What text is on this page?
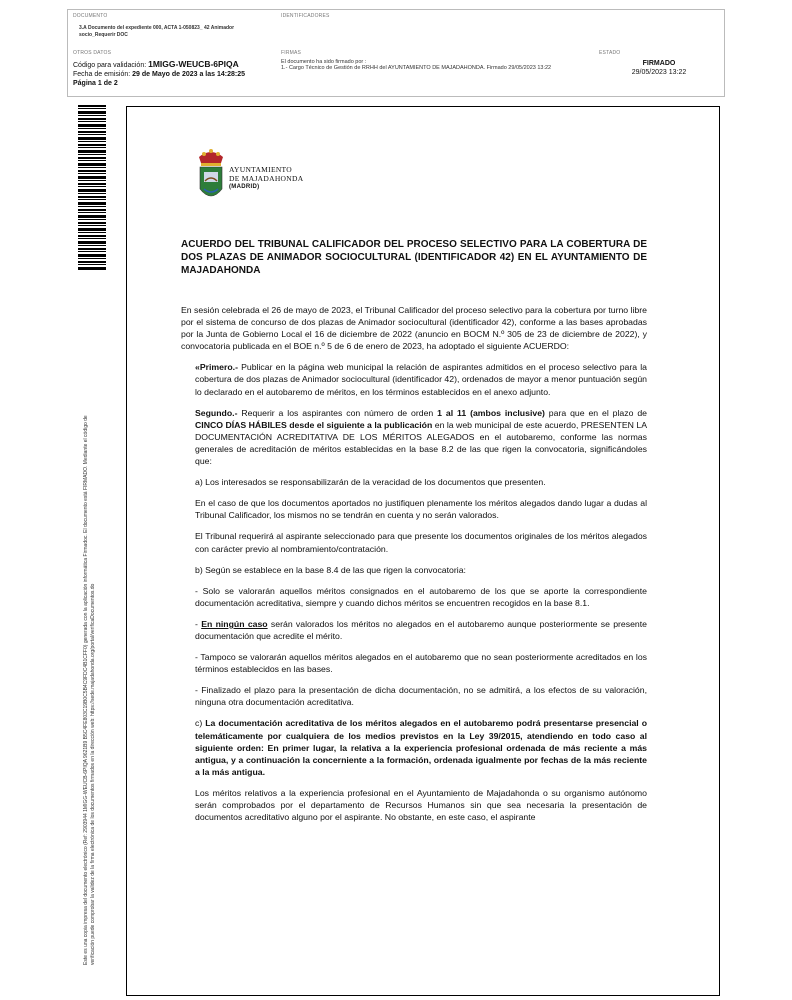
DOCUMENTO
3.A Documento del expediente 000, ACTA 1-050823_ 42 Animador socio_Requerir DOC
IDENTIFICADORES
OTROS DATOS
Código para validación: 1MIGG-WEUCB-6PIQA
Fecha de emisión: 29 de Mayo de 2023 a las 14:28:25
Página 1 de 2
FIRMAS
El documento ha sido firmado por :
1.- Cargo Técnico de Gestión de RRHH del AYUNTAMIENTO DE MAJADAHONDA. Firmado 29/05/2023 13:22
ESTADO
FIRMADO
29/05/2023 13:22
Este es una copia impresa del documento electrónico (Ref: 2903944 1MIGG-WEUCB-6PIQA 9621B9 B5C4FE803C19B0C5B4C9FDC4B1CFF0) generada con la aplicación informática Firmadoc. El documento está FIRMADO. Mediante el código de verificación puede comprobar la validez de la firma electrónica de los documentos firmados en la dirección web: https://sede.majadahonda.org/portal/verificaDocumentos.do
AYUNTAMIENTO
DE MAJADAHONDA
(MADRID)
ACUERDO DEL TRIBUNAL CALIFICADOR DEL PROCESO SELECTIVO PARA LA COBERTURA DE DOS PLAZAS DE ANIMADOR SOCIOCULTURAL (IDENTIFICADOR 42) EN EL AYUNTAMIENTO DE MAJADAHONDA

En sesión celebrada el 26 de mayo de 2023, el Tribunal Calificador del proceso selectivo para la cobertura por turno libre por el sistema de concurso de dos plazas de Animador sociocultural (identificador 42), conforme a las bases aprobadas por la Junta de Gobierno Local el 16 de diciembre de 2022 (anuncio en BOCM N.º 305 de 23 de diciembre de 2022), y convocatoria publicada en el BOE n.º 5 de 6 de enero de 2023, ha adoptado el siguiente ACUERDO:

«Primero.- Publicar en la página web municipal la relación de aspirantes admitidos en el proceso selectivo para la cobertura de dos plazas de Animador sociocultural (identificador 42), ordenados de mayor a menor puntuación según lo declarado en el autobaremo de méritos, en los términos establecidos en el anexo adjunto.

Segundo.- Requerir a los aspirantes con número de orden 1 al 11 (ambos inclusive) para que en el plazo de CINCO DÍAS HÁBILES desde el siguiente a la publicación en la web municipal de este acuerdo, PRESENTEN LA DOCUMENTACIÓN ACREDITATIVA DE LOS MÉRITOS ALEGADOS en el autobaremo, conforme las normas generales de acreditación de méritos establecidas en la base 8.2 de las que rigen la convocatoria, significándoles que:

a) Los interesados se responsabilizarán de la veracidad de los documentos que presenten.

En el caso de que los documentos aportados no justifiquen plenamente los méritos alegados dando lugar a dudas al Tribunal Calificador, los mismos no se tendrán en cuenta y no serán valorados.

El Tribunal requerirá al aspirante seleccionado para que presente los documentos originales de los méritos alegados con carácter previo al nombramiento/contratación.

b) Según se establece en la base 8.4 de las que rigen la convocatoria:

- Solo se valorarán aquellos méritos consignados en el autobaremo de los que se aporte la correspondiente documentación acreditativa, siempre y cuando dichos méritos se encuentren recogidos en la base 8.1.

- En ningún caso serán valorados los méritos no alegados en el autobaremo aunque posteriormente se presente documentación que acredite el mérito.

- Tampoco se valorarán aquellos méritos alegados en el autobaremo que no sean posteriormente acreditados en los términos establecidos en las bases.

- Finalizado el plazo para la presentación de dicha documentación, no se admitirá, a los efectos de su valoración, ninguna otra documentación acreditativa.

c) La documentación acreditativa de los méritos alegados en el autobaremo podrá presentarse presencial o telemáticamente por cualquiera de los medios previstos en la Ley 39/2015, atendiendo en todo caso al siguiente orden: En primer lugar, la relativa a la experiencia profesional ordenada de más reciente a más antigua, y a continuación la concerniente a la formación, ordenada igualmente por fechas de la más reciente a la más antigua.

Los méritos relativos a la experiencia profesional en el Ayuntamiento de Majadahonda o su organismo autónomo serán comprobados por el departamento de Recursos Humanos sin que sea necesaria la presentación de documentos acreditativo alguno por el aspirante. No obstante, en este caso, el aspirante
